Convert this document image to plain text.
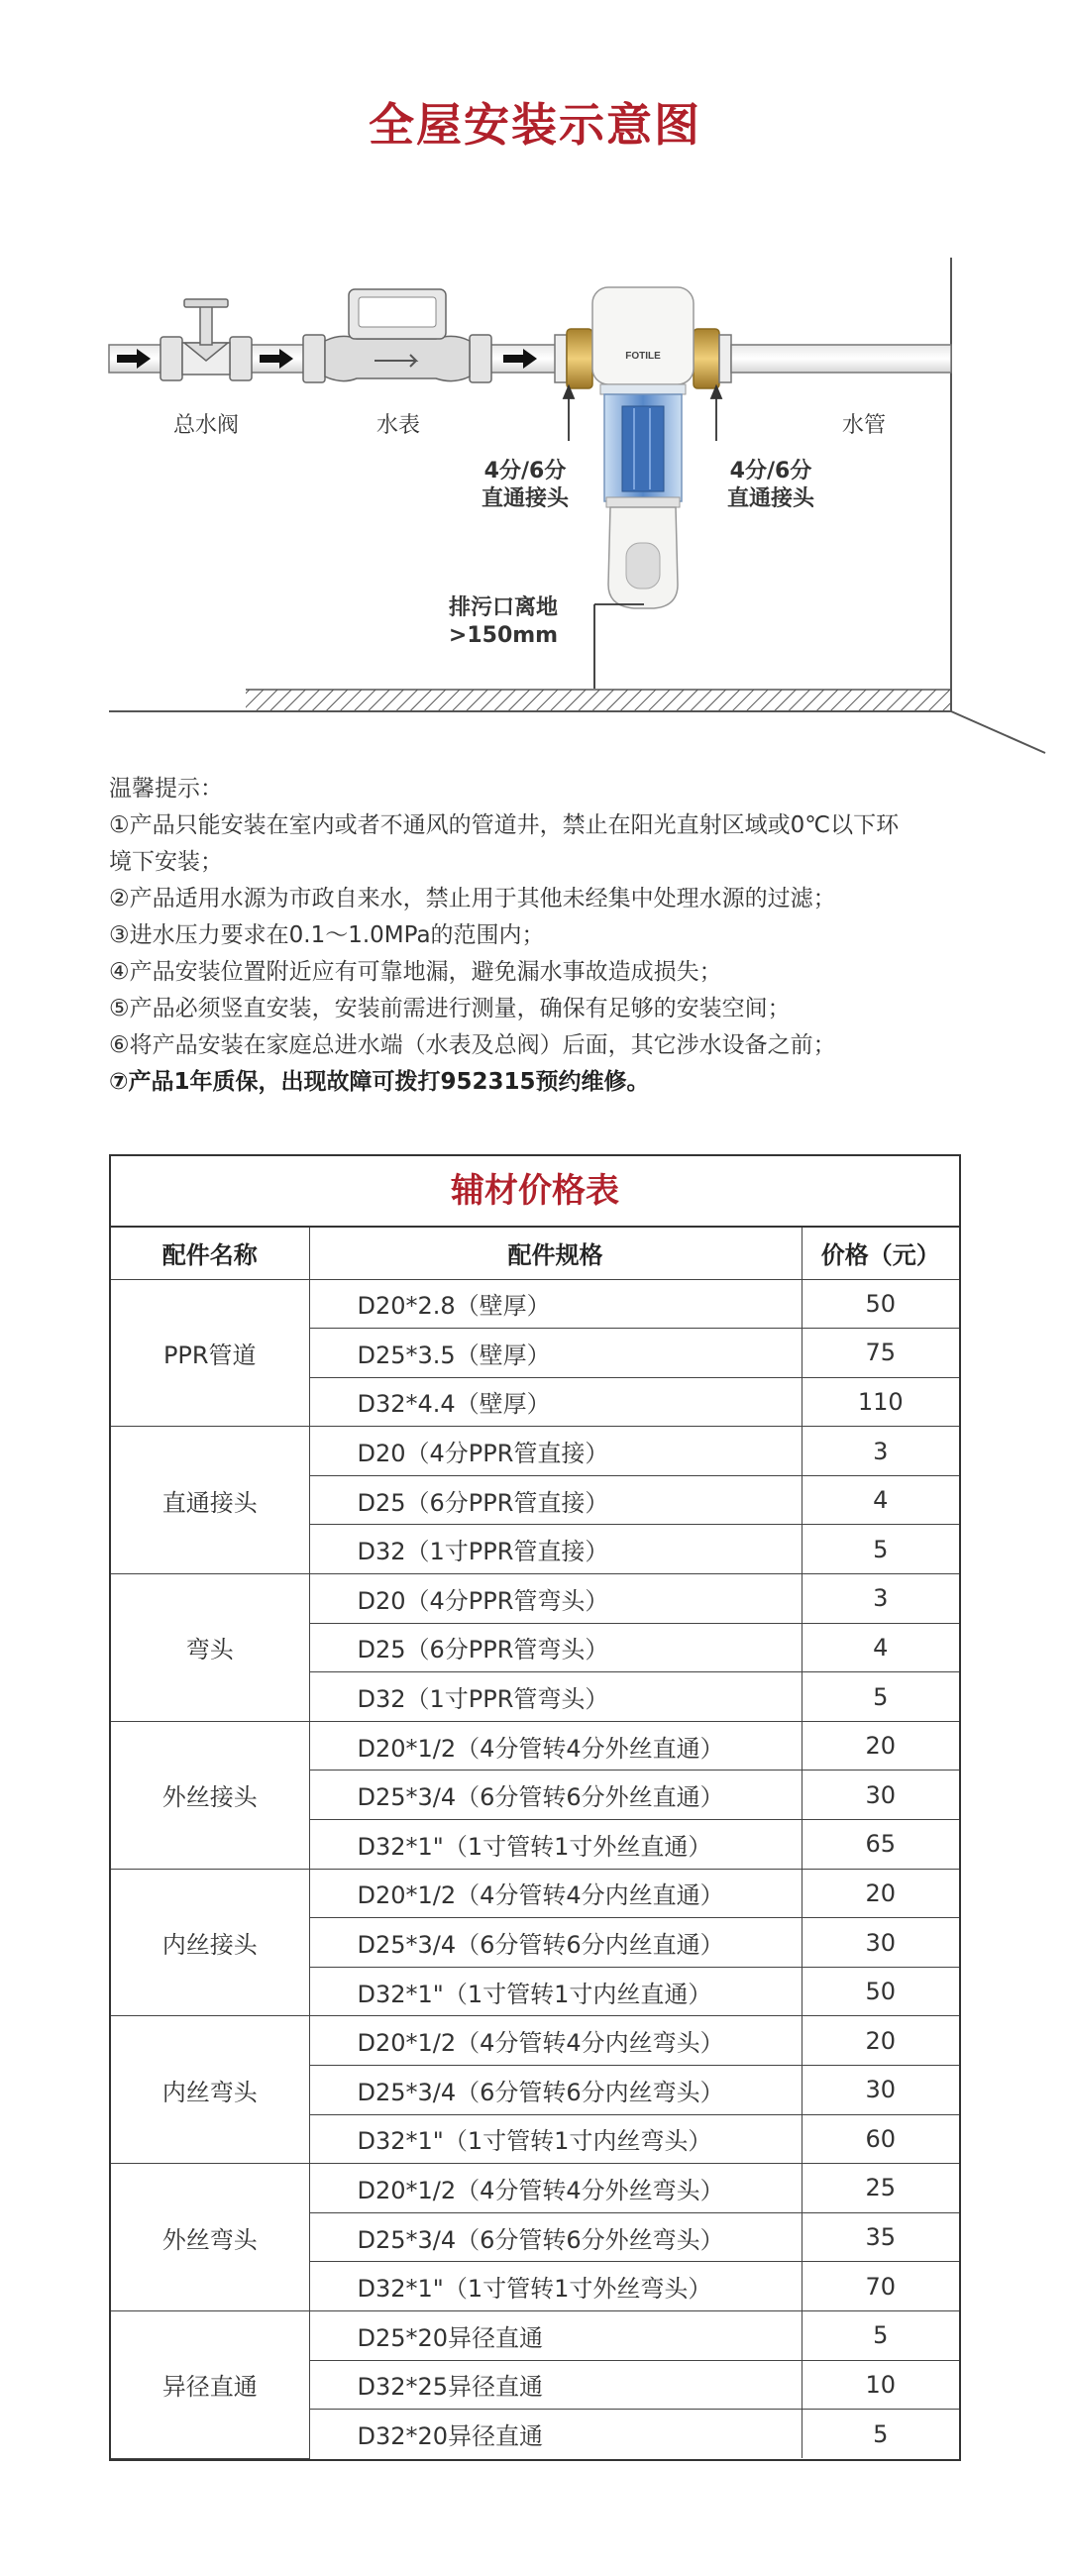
全屋安装示意图
FOTILE
总水阀	水表	水管
4分/6分
直通接头
4分/6分
直通接头
排污口离地
>150mm
温馨提示：
①产品只能安装在室内或者不通风的管道井，禁止在阳光直射区域或0℃以下环
境下安装；
②产品适用水源为市政自来水，禁止用于其他未经集中处理水源的过滤；
③进水压力要求在0.1～1.0MPa的范围内；
④产品安装位置附近应有可靠地漏，避免漏水事故造成损失；
⑤产品必须竖直安装，安装前需进行测量，确保有足够的安装空间；
⑥将产品安装在家庭总进水端（水表及总阀）后面，其它涉水设备之前；
⑦产品1年质保，出现故障可拨打952315预约维修。
辅材价格表
配件名称	配件规格	价格（元）
PPR管道	D20*2.8（壁厚）	50
	D25*3.5（壁厚）	75
	D32*4.4（壁厚）	110
直通接头	D20（4分PPR管直接）	3
	D25（6分PPR管直接）	4
	D32（1寸PPR管直接）	5
弯头	D20（4分PPR管弯头）	3
	D25（6分PPR管弯头）	4
	D32（1寸PPR管弯头）	5
外丝接头	D20*1/2（4分管转4分外丝直通）	20
	D25*3/4（6分管转6分外丝直通）	30
	D32*1"（1寸管转1寸外丝直通）	65
内丝接头	D20*1/2（4分管转4分内丝直通）	20
	D25*3/4（6分管转6分内丝直通）	30
	D32*1"（1寸管转1寸内丝直通）	50
内丝弯头	D20*1/2（4分管转4分内丝弯头）	20
	D25*3/4（6分管转6分内丝弯头）	30
	D32*1"（1寸管转1寸内丝弯头）	60
外丝弯头	D20*1/2（4分管转4分外丝弯头）	25
	D25*3/4（6分管转6分外丝弯头）	35
	D32*1"（1寸管转1寸外丝弯头）	70
异径直通	D25*20异径直通	5
	D32*25异径直通	10
	D32*20异径直通	5
